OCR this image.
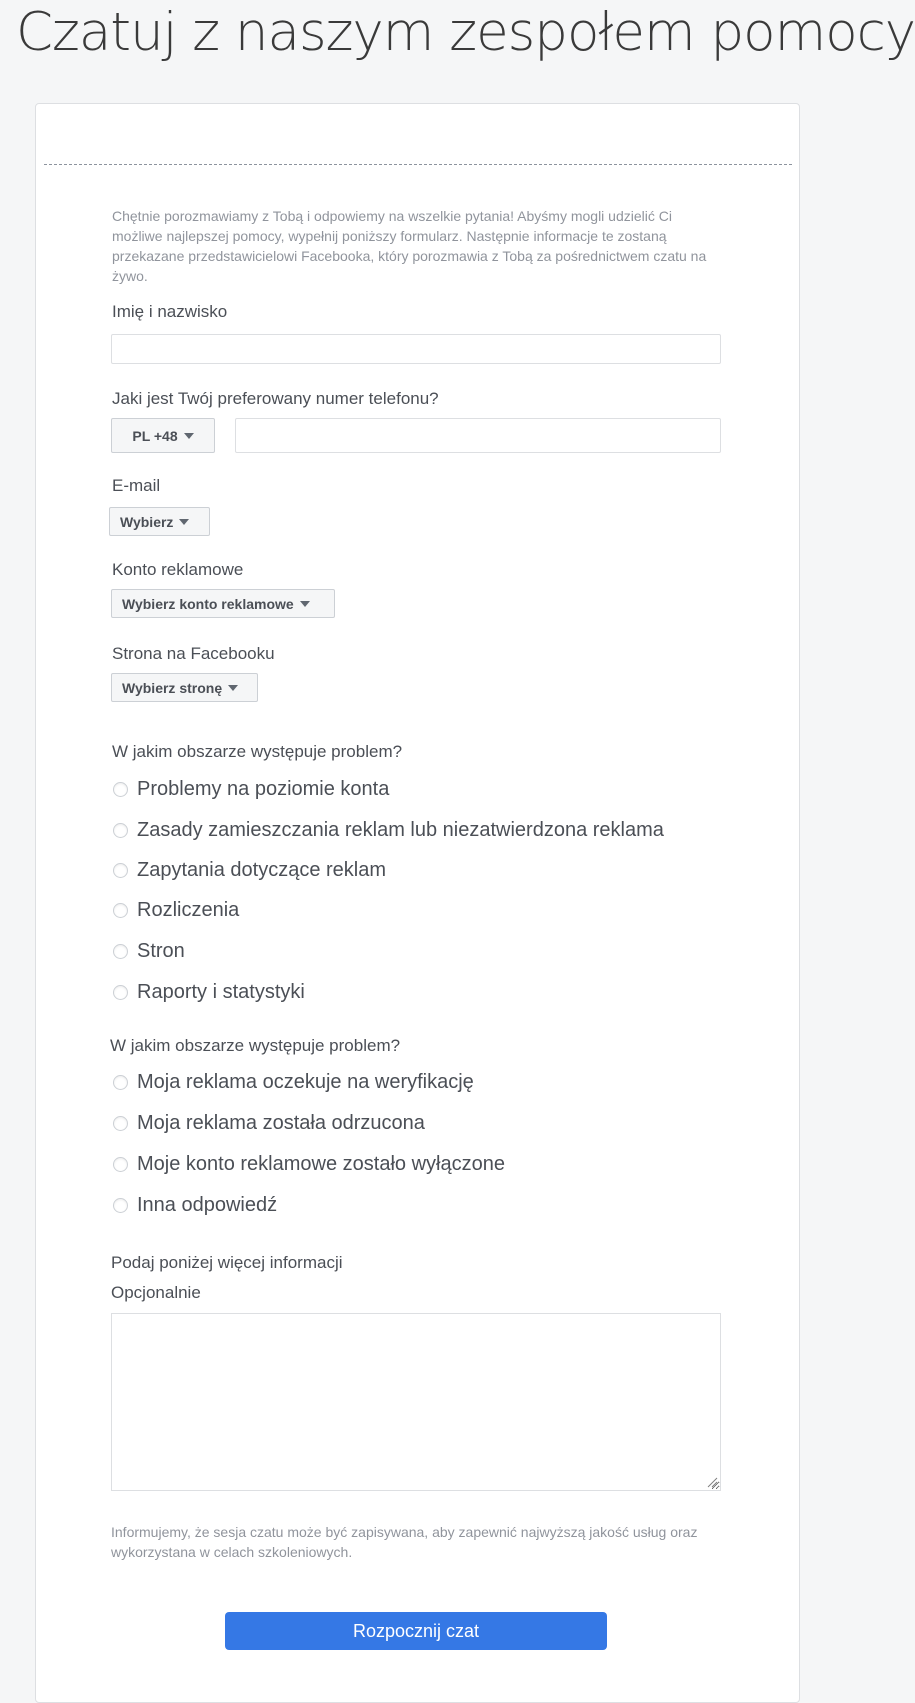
Czatuj z naszym zespołem pomocy

Chętnie porozmawiamy z Tobą i odpowiemy na wszelkie pytania! Abyśmy mogli udzielić Ci możliwe najlepszej pomocy, wypełnij poniższy formularz. Następnie informacje te zostaną przekazane przedstawicielowi Facebooka, który porozmawia z Tobą za pośrednictwem czatu na żywo.

Imię i nazwisko

Jaki jest Twój preferowany numer telefonu?

PL +48

E-mail

Wybierz

Konto reklamowe

Wybierz konto reklamowe

Strona na Facebooku

Wybierz stronę

W jakim obszarze występuje problem?

Problemy na poziomie konta
Zasady zamieszczania reklam lub niezatwierdzona reklama
Zapytania dotyczące reklam
Rozliczenia
Stron
Raporty i statystyki

W jakim obszarze występuje problem?

Moja reklama oczekuje na weryfikację
Moja reklama została odrzucona
Moje konto reklamowe zostało wyłączone
Inna odpowiedź

Podaj poniżej więcej informacji

Opcjonalnie

Informujemy, że sesja czatu może być zapisywana, aby zapewnić najwyższą jakość usług oraz wykorzystana w celach szkoleniowych.

Rozpocznij czat
